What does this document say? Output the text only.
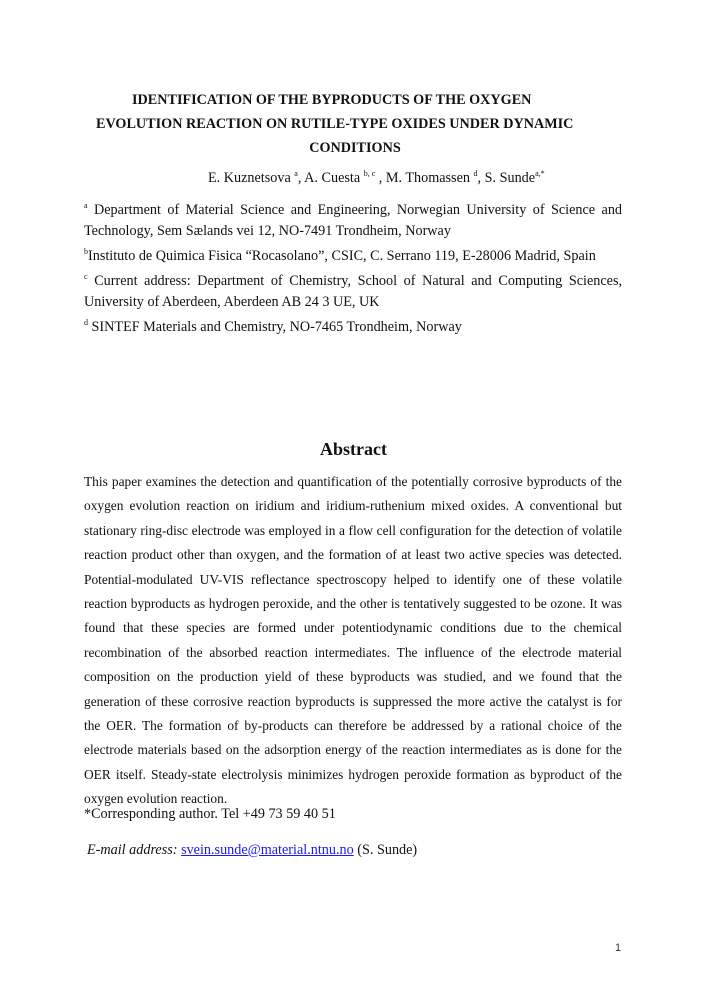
IDENTIFICATION OF THE BYPRODUCTS OF THE OXYGEN
EVOLUTION REACTION ON RUTILE-TYPE OXIDES UNDER DYNAMIC
CONDITIONS
E. Kuznetsova $^a$, A. Cuesta $^{b, c}$ , M. Thomassen $^d$, S. Sunde$^{a,*}$

$^a$ Department of Material Science and Engineering, Norwegian University of Science and Technology, Sem Sælands vei 12, NO-7491 Trondheim, Norway

$^b$Instituto de Quimica Fisica “Rocasolano”, CSIC, C. Serrano 119, E-28006 Madrid, Spain

$^c$ Current address: Department of Chemistry, School of Natural and Computing Sciences, University of Aberdeen, Aberdeen AB 24 3 UE, UK

$^d$ SINTEF Materials and Chemistry, NO-7465 Trondheim, Norway

Abstract

This paper examines the detection and quantification of the potentially corrosive byproducts of the oxygen evolution reaction on iridium and iridium-ruthenium mixed oxides. A conventional but stationary ring-disc electrode was employed in a flow cell configuration for the detection of volatile reaction product other than oxygen, and the formation of at least two active species was detected. Potential-modulated UV-VIS reflectance spectroscopy helped to identify one of these volatile reaction byproducts as hydrogen peroxide, and the other is tentatively suggested to be ozone. It was found that these species are formed under potentiodynamic conditions due to the chemical recombination of the absorbed reaction intermediates. The influence of the electrode material composition on the production yield of these byproducts was studied, and we found that the generation of these corrosive reaction byproducts is suppressed the more active the catalyst is for the OER. The formation of by-products can therefore be addressed by a rational choice of the electrode materials based on the adsorption energy of the reaction intermediates as is done for the OER itself. Steady-state electrolysis minimizes hydrogen peroxide formation as byproduct of the oxygen evolution reaction.

*Corresponding author. Tel +49 73 59 40 51
E-mail address: svein.sunde@material.ntnu.no (S. Sunde)
1
